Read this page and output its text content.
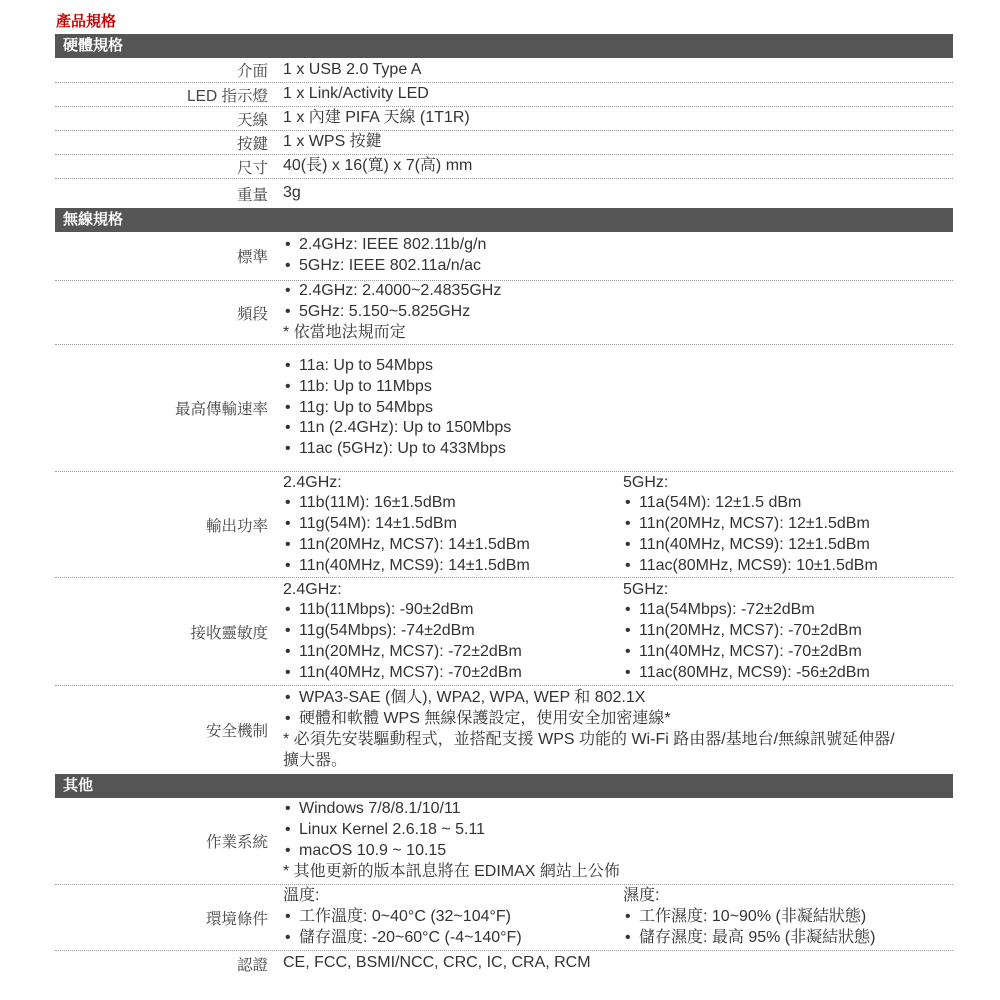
產品規格
硬體規格
介面 1 x USB 2.0 Type A
LED 指示燈 1 x Link/Activity LED
天線 1 x 內建 PIFA 天線 (1T1R)
按鍵 1 x WPS 按鍵
尺寸 40(長) x 16(寬) x 7(高) mm
重量 3g
無線規格
標準
• 2.4GHz: IEEE 802.11b/g/n
• 5GHz: IEEE 802.11a/n/ac
頻段
• 2.4GHz: 2.4000~2.4835GHz
• 5GHz: 5.150~5.825GHz
* 依當地法規而定
最高傳輸速率
• 11a: Up to 54Mbps
• 11b: Up to 11Mbps
• 11g: Up to 54Mbps
• 11n (2.4GHz): Up to 150Mbps
• 11ac (5GHz): Up to 433Mbps
輸出功率
2.4GHz:
• 11b(11M): 16±1.5dBm
• 11g(54M): 14±1.5dBm
• 11n(20MHz, MCS7): 14±1.5dBm
• 11n(40MHz, MCS9): 14±1.5dBm
5GHz:
• 11a(54M): 12±1.5 dBm
• 11n(20MHz, MCS7): 12±1.5dBm
• 11n(40MHz, MCS9): 12±1.5dBm
• 11ac(80MHz, MCS9): 10±1.5dBm
接收靈敏度
2.4GHz:
• 11b(11Mbps): -90±2dBm
• 11g(54Mbps): -74±2dBm
• 11n(20MHz, MCS7): -72±2dBm
• 11n(40MHz, MCS7): -70±2dBm
5GHz:
• 11a(54Mbps): -72±2dBm
• 11n(20MHz, MCS7): -70±2dBm
• 11n(40MHz, MCS7): -70±2dBm
• 11ac(80MHz, MCS9): -56±2dBm
安全機制
• WPA3-SAE (個人), WPA2, WPA, WEP 和 802.1X
• 硬體和軟體 WPS 無線保護設定，使用安全加密連線*
* 必須先安裝驅動程式，並搭配支援 WPS 功能的 Wi-Fi 路由器/基地台/無線訊號延伸器/
擴大器。
其他
作業系統
• Windows 7/8/8.1/10/11
• Linux Kernel 2.6.18 ~ 5.11
• macOS 10.9 ~ 10.15
* 其他更新的版本訊息將在 EDIMAX 網站上公佈
環境條件
溫度:
• 工作溫度: 0~40°C (32~104°F)
• 儲存溫度: -20~60°C (-4~140°F)
濕度:
• 工作濕度: 10~90% (非凝結狀態)
• 儲存濕度: 最高 95% (非凝結狀態)
認證 CE, FCC, BSMI/NCC, CRC, IC, CRA, RCM
